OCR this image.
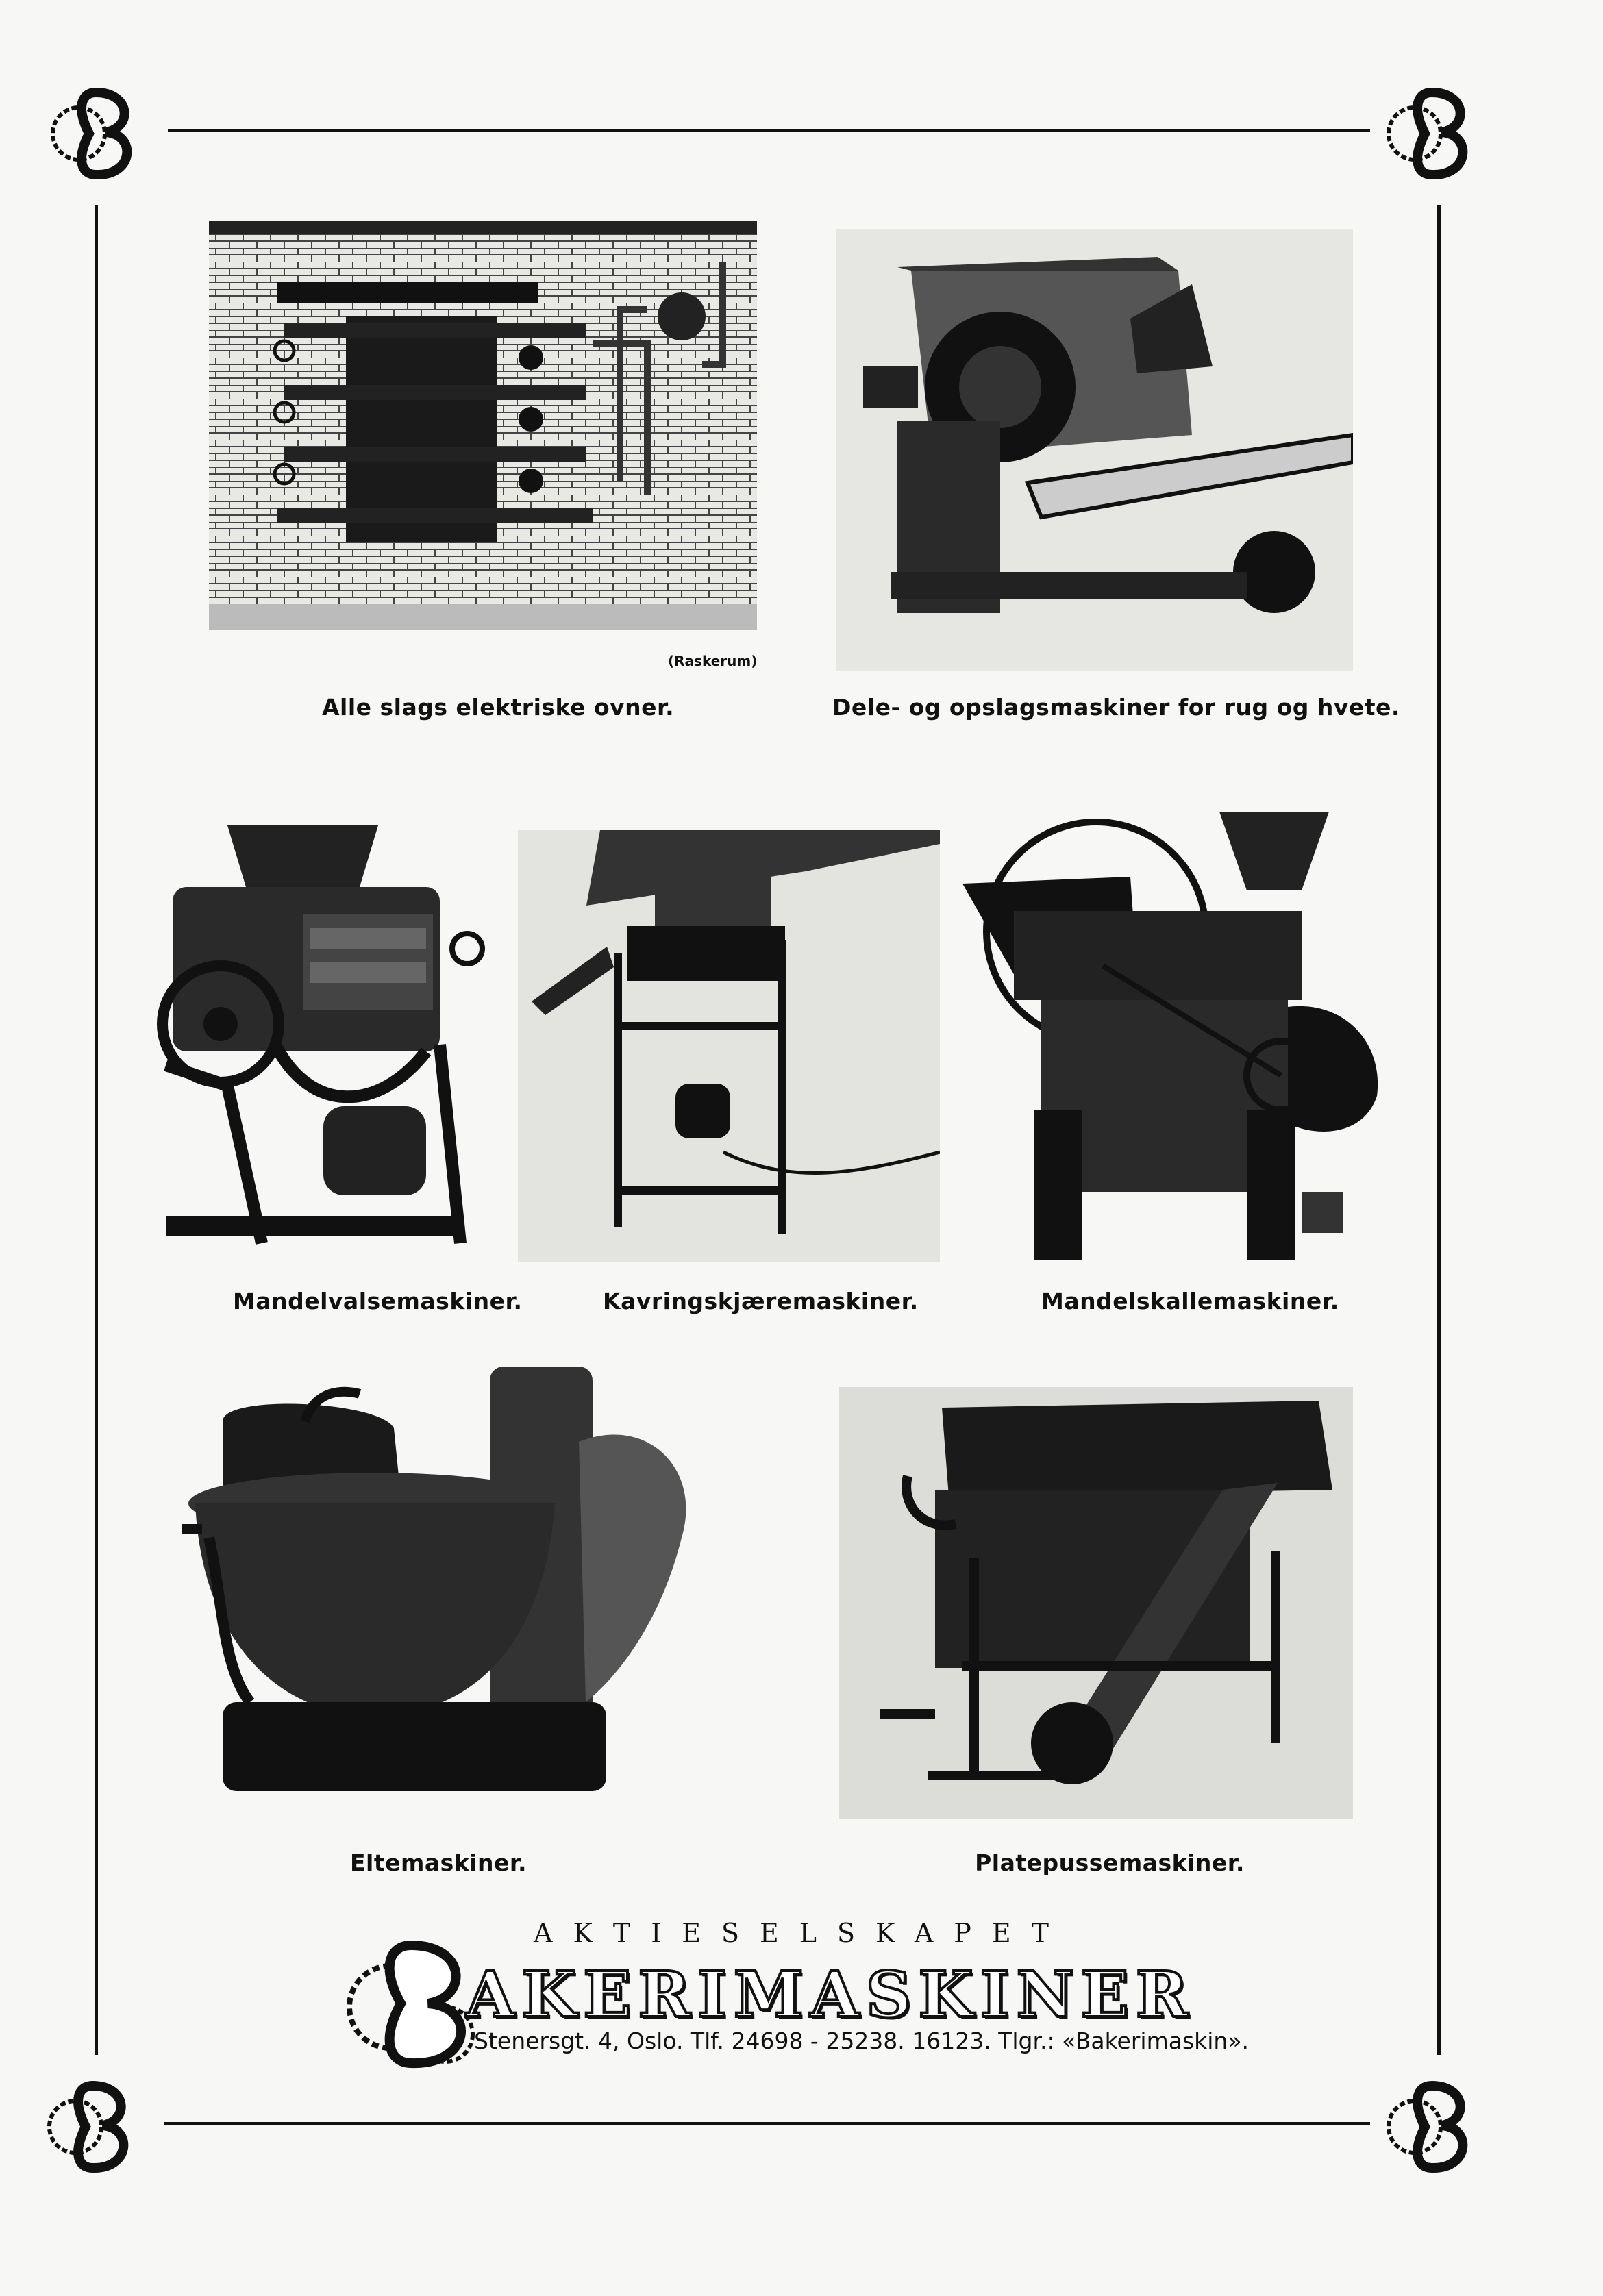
(Raskerum)
Alle slags elektriske ovner.	Dele- og opslagsmaskiner for rug og hvete.
Mandelvalsemaskiner.	Kavringskjæremaskiner.	Mandelskallemaskiner.
Eltemaskiner.	Platepussemaskiner.
AKTIESELSKAPET
AKERIMASKINER
Stenersgt. 4, Oslo. Tlf. 24698 - 25238. 16123. Tlgr.: «Bakerimaskin».
